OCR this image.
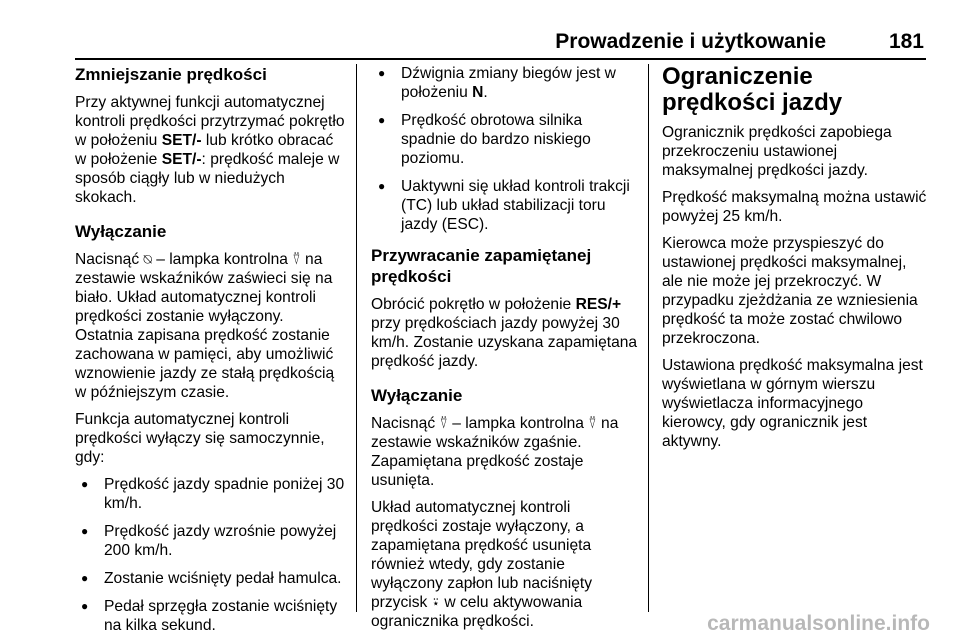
Prowadzenie i użytkowanie	181
Zmniejszanie prędkości

Przy aktywnej funkcji automatycznej kontroli prędkości przytrzymać pokrętło w położeniu SET/- lub krótko obracać w położenie SET/-: prędkość maleje w sposób ciągły lub w niedużych skokach.

Wyłączanie

Nacisnąć ⍉ – lampka kontrolna ⍢ na zestawie wskaźników zaświeci się na biało. Układ automatycznej kontroli prędkości zostanie wyłączony. Ostatnia zapisana prędkość zostanie zachowana w pamięci, aby umożliwić wznowienie jazdy ze stałą prędkością w późniejszym czasie.

Funkcja automatycznej kontroli prędkości wyłączy się samoczynnie, gdy:

● Prędkość jazdy spadnie poniżej 30 km/h.
● Prędkość jazdy wzrośnie powyżej 200 km/h.
● Zostanie wciśnięty pedał hamulca.
● Pedał sprzęgła zostanie wciśnięty na kilka sekund.
● Dźwignia zmiany biegów jest w położeniu N.
● Prędkość obrotowa silnika spadnie do bardzo niskiego poziomu.
● Uaktywni się układ kontroli trakcji (TC) lub układ stabilizacji toru jazdy (ESC).
Przywracanie zapamiętanej prędkości

Obrócić pokrętło w położenie RES/+ przy prędkościach jazdy powyżej 30 km/h. Zostanie uzyskana zapamiętana prędkość jazdy.

Wyłączanie

Nacisnąć ⍢ – lampka kontrolna ⍢ na zestawie wskaźników zgaśnie. Zapamiętana prędkość zostaje usunięta.

Układ automatycznej kontroli prędkości zostaje wyłączony, a zapamiętana prędkość usunięta również wtedy, gdy zostanie wyłączony zapłon lub naciśnięty przycisk ⍣ w celu aktywowania ogranicznika prędkości.

Ograniczenie prędkości jazdy

Ogranicznik prędkości zapobiega przekroczeniu ustawionej maksymalnej prędkości jazdy.

Prędkość maksymalną można ustawić powyżej 25 km/h.

Kierowca może przyspieszyć do ustawionej prędkości maksymalnej, ale nie może jej przekroczyć. W przypadku zjeżdżania ze wzniesienia prędkość ta może zostać chwilowo przekroczona.

Ustawiona prędkość maksymalna jest wyświetlana w górnym wierszu wyświetlacza informacyjnego kierowcy, gdy ogranicznik jest aktywny.

carmanualsonline.info
